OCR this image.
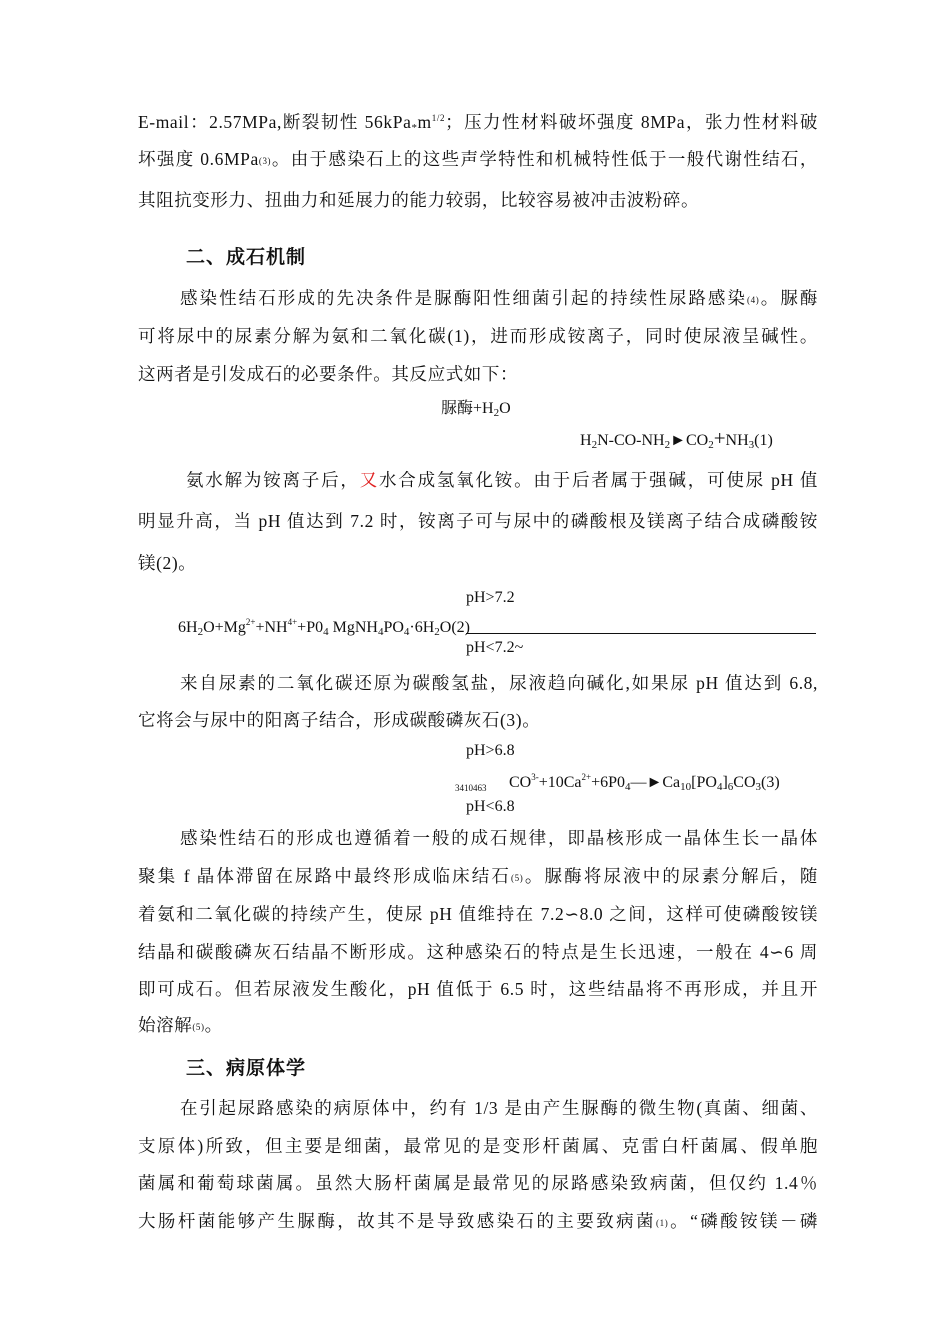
E-mail：2.57MPa,断裂韧性 $56kPa_*m^{1/2}$；压力性材料破坏强度 8MPa，张力性材料破
坏强度 0.6MPa(3)。由于感染石上的这些声学特性和机械特性低于一般代谢性结石，
其阻抗变形力、扭曲力和延展力的能力较弱，比较容易被冲击波粉碎。
二、成石机制
感染性结石形成的先决条件是脲酶阳性细菌引起的持续性尿路感染(4)。脲酶
可将尿中的尿素分解为氨和二氧化碳(1)，进而形成铵离子，同时使尿液呈碱性。
这两者是引发成石的必要条件。其反应式如下：
脲酶$+H_2O$
$H_2N-CO-NH_2►CO_2+NH_3(1)$
氨水解为铵离子后，又水合成氢氧化铵。由于后者属于强碱，可使尿 pH 值
明显升高，当 pH 值达到 7.2 时，铵离子可与尿中的磷酸根及镁离子结合成磷酸铵
镁(2)。
pH>7.2
$6H_2O+Mg^{2+}+NH^{4+}+P0_4$ $MgNH_4PO_4\cdot 6H_2O(2)$
pH<7.2~
来自尿素的二氧化碳还原为碳酸氢盐，尿液趋向碱化,如果尿 pH 值达到 6.8,
它将会与尿中的阳离子结合，形成碳酸磷灰石(3)。
pH>6.8
3410463 $CO^{3-}+10Ca^{2+}+6P0_4—►Ca_{10}[PO_4]_6CO_3(3)$
pH<6.8
感染性结石的形成也遵循着一般的成石规律，即晶核形成一晶体生长一晶体
聚集 f 晶体滞留在尿路中最终形成临床结石(5)。脲酶将尿液中的尿素分解后，随
着氨和二氧化碳的持续产生，使尿 pH 值维持在 7.2∽8.0 之间，这样可使磷酸铵镁
结晶和碳酸磷灰石结晶不断形成。这种感染石的特点是生长迅速，一般在 4∽6 周
即可成石。但若尿液发生酸化，pH 值低于 6.5 时，这些结晶将不再形成，并且开
始溶解(5)。
三、病原体学
在引起尿路感染的病原体中，约有 1/3 是由产生脲酶的微生物(真菌、细菌、
支原体)所致，但主要是细菌，最常见的是变形杆菌属、克雷白杆菌属、假单胞
菌属和葡萄球菌属。虽然大肠杆菌属是最常见的尿路感染致病菌，但仅约 1.4％
大肠杆菌能够产生脲酶，故其不是导致感染石的主要致病菌(1)。“磷酸铵镁－磷
